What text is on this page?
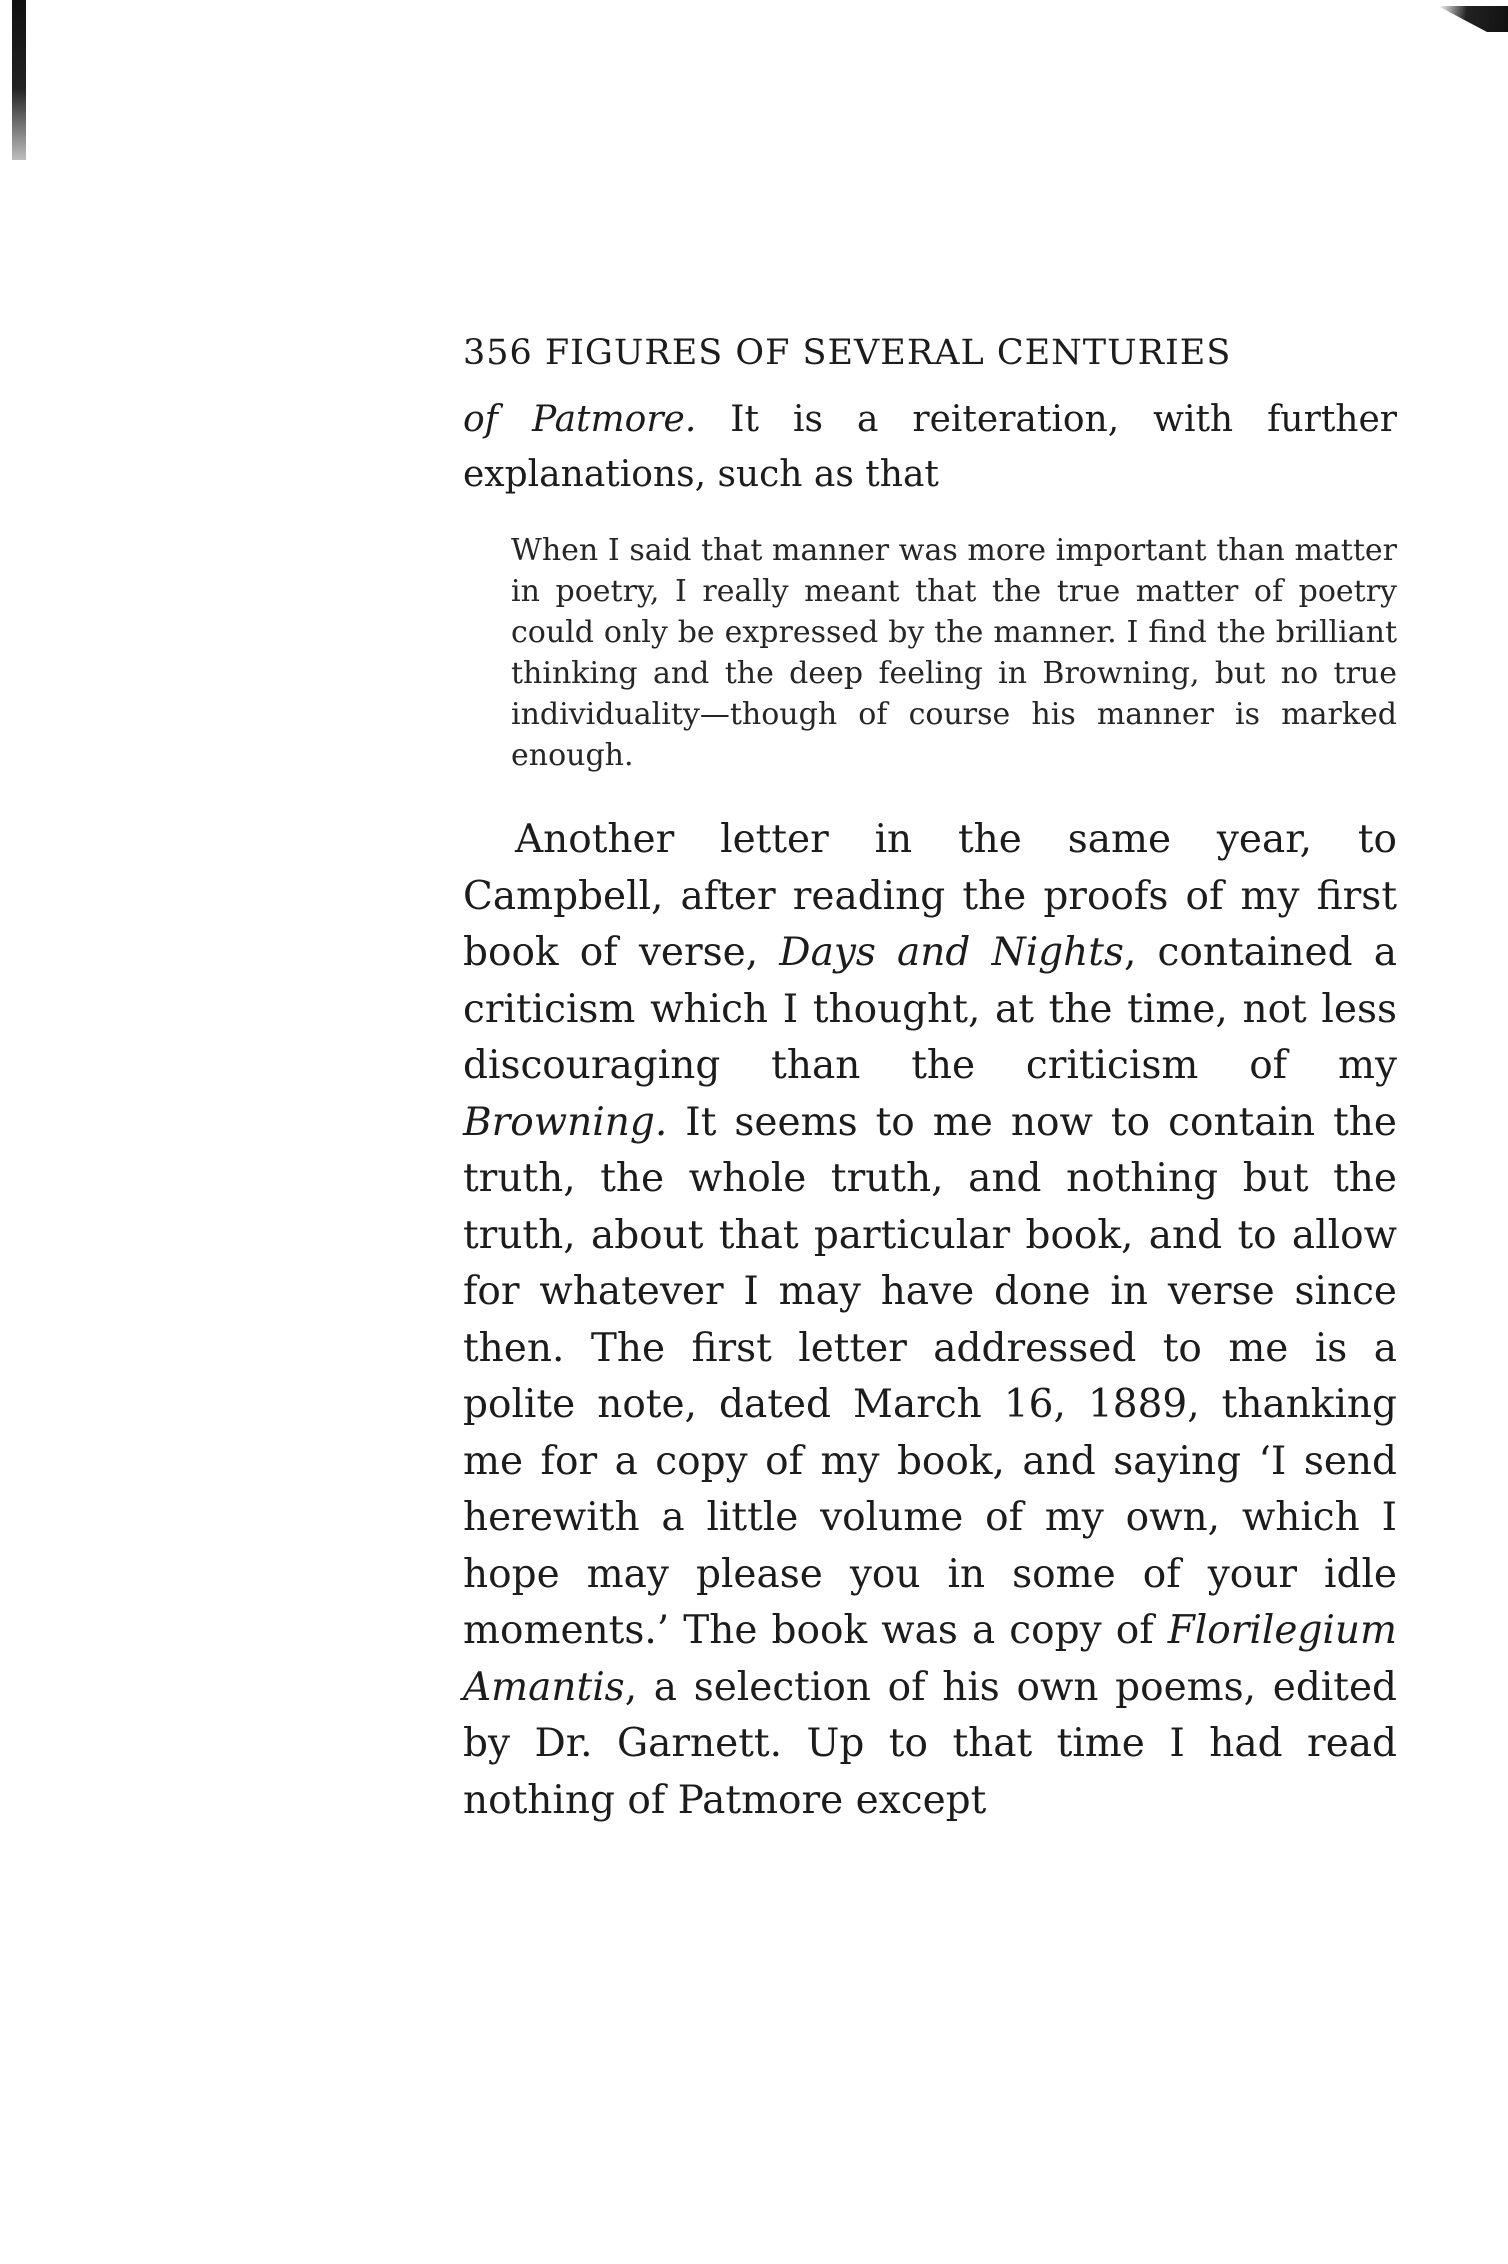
356 FIGURES OF SEVERAL CENTURIES

of Patmore. It is a reiteration, with further explanations, such as that

When I said that manner was more important than matter in poetry, I really meant that the true matter of poetry could only be expressed by the manner. I find the brilliant thinking and the deep feeling in Browning, but no true individuality—though of course his manner is marked enough.

Another letter in the same year, to Campbell, after reading the proofs of my first book of verse, Days and Nights, contained a criticism which I thought, at the time, not less discouraging than the criticism of my Browning. It seems to me now to contain the truth, the whole truth, and nothing but the truth, about that particular book, and to allow for whatever I may have done in verse since then. The first letter addressed to me is a polite note, dated March 16, 1889, thanking me for a copy of my book, and saying ‘I send herewith a little volume of my own, which I hope may please you in some of your idle moments.’ The book was a copy of Florilegium Amantis, a selection of his own poems, edited by Dr. Garnett. Up to that time I had read nothing of Patmore except
